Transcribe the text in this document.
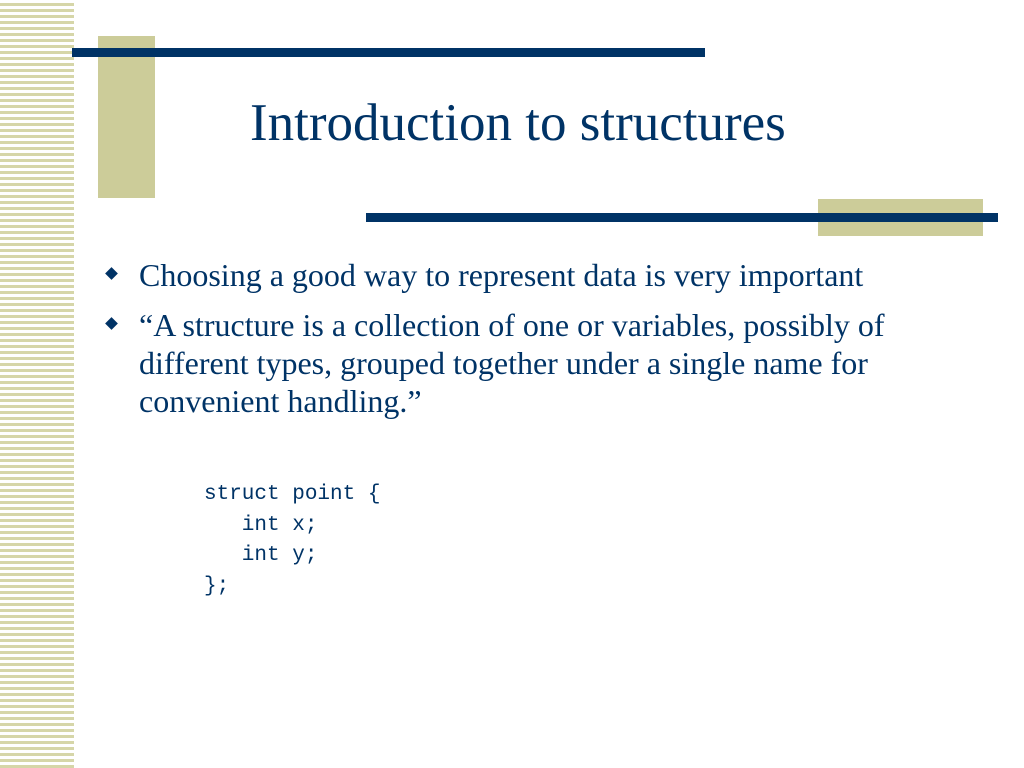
Introduction to structures
Choosing a good way to represent data is very important
“A structure is a collection of one or variables, possibly of different types, grouped together under a single name for convenient handling.”
struct point {
int x;
int y;
};
